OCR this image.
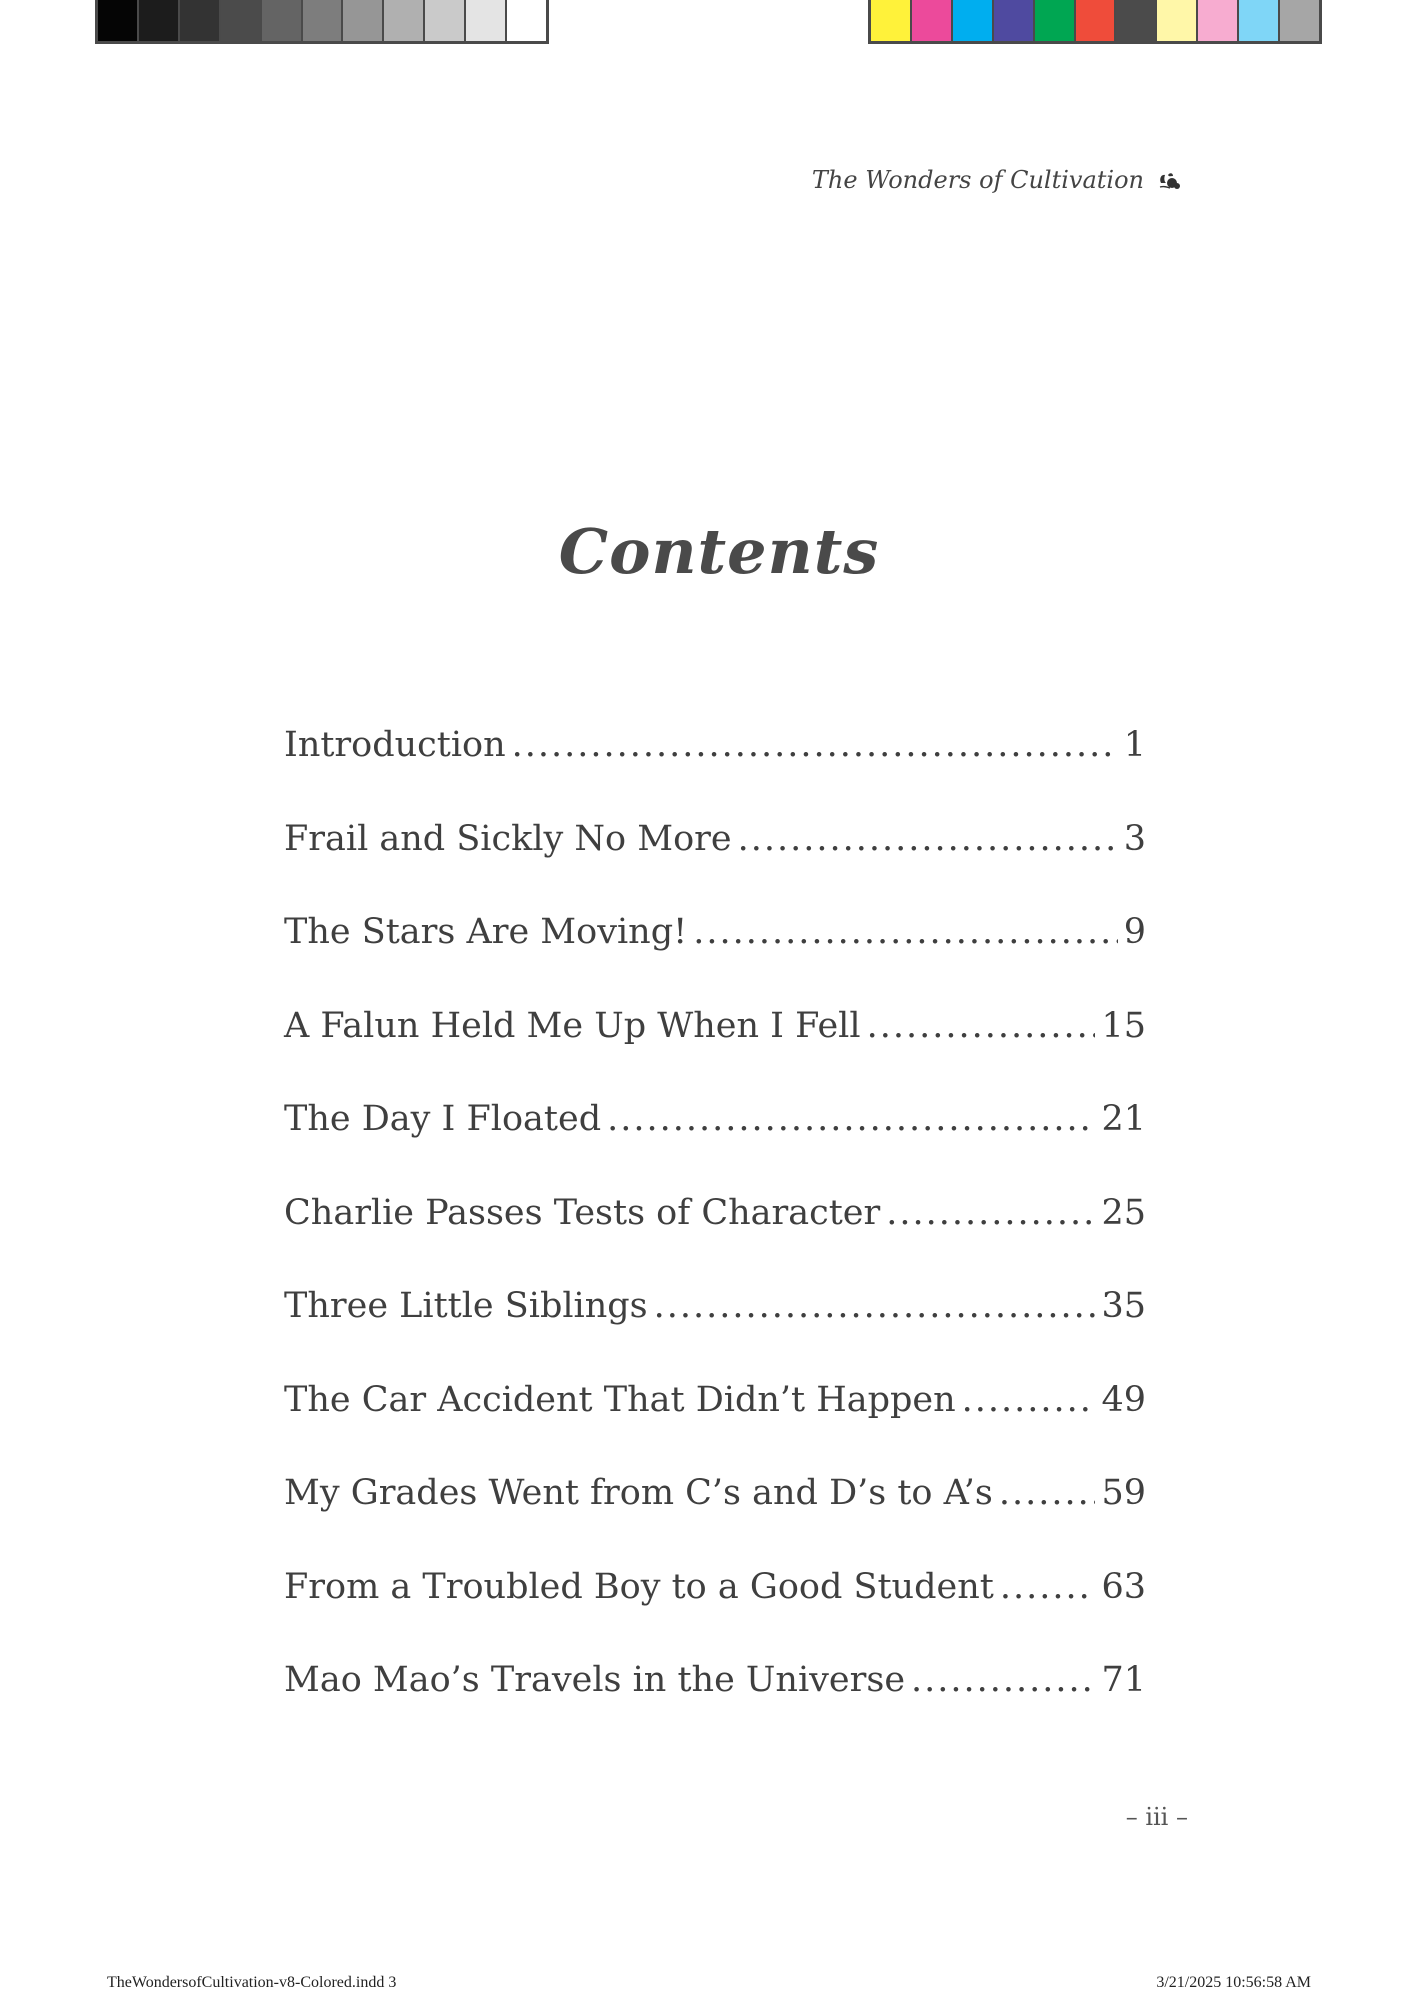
The Wonders of Cultivation
Contents
Introduction .....	1
Frail and Sickly No More .....	3
The Stars Are Moving! .....	9
A Falun Held Me Up When I Fell .....	15
The Day I Floated .....	21
Charlie Passes Tests of Character .....	25
Three Little Siblings .....	35
The Car Accident That Didn’t Happen .....	49
My Grades Went from C’s and D’s to A’s .....	59
From a Troubled Boy to a Good Student .....	63
Mao Mao’s Travels in the Universe .....	71
– iii –
TheWondersofCultivation-v8-Colored.indd 3	3/21/2025 10:56:58 AM
